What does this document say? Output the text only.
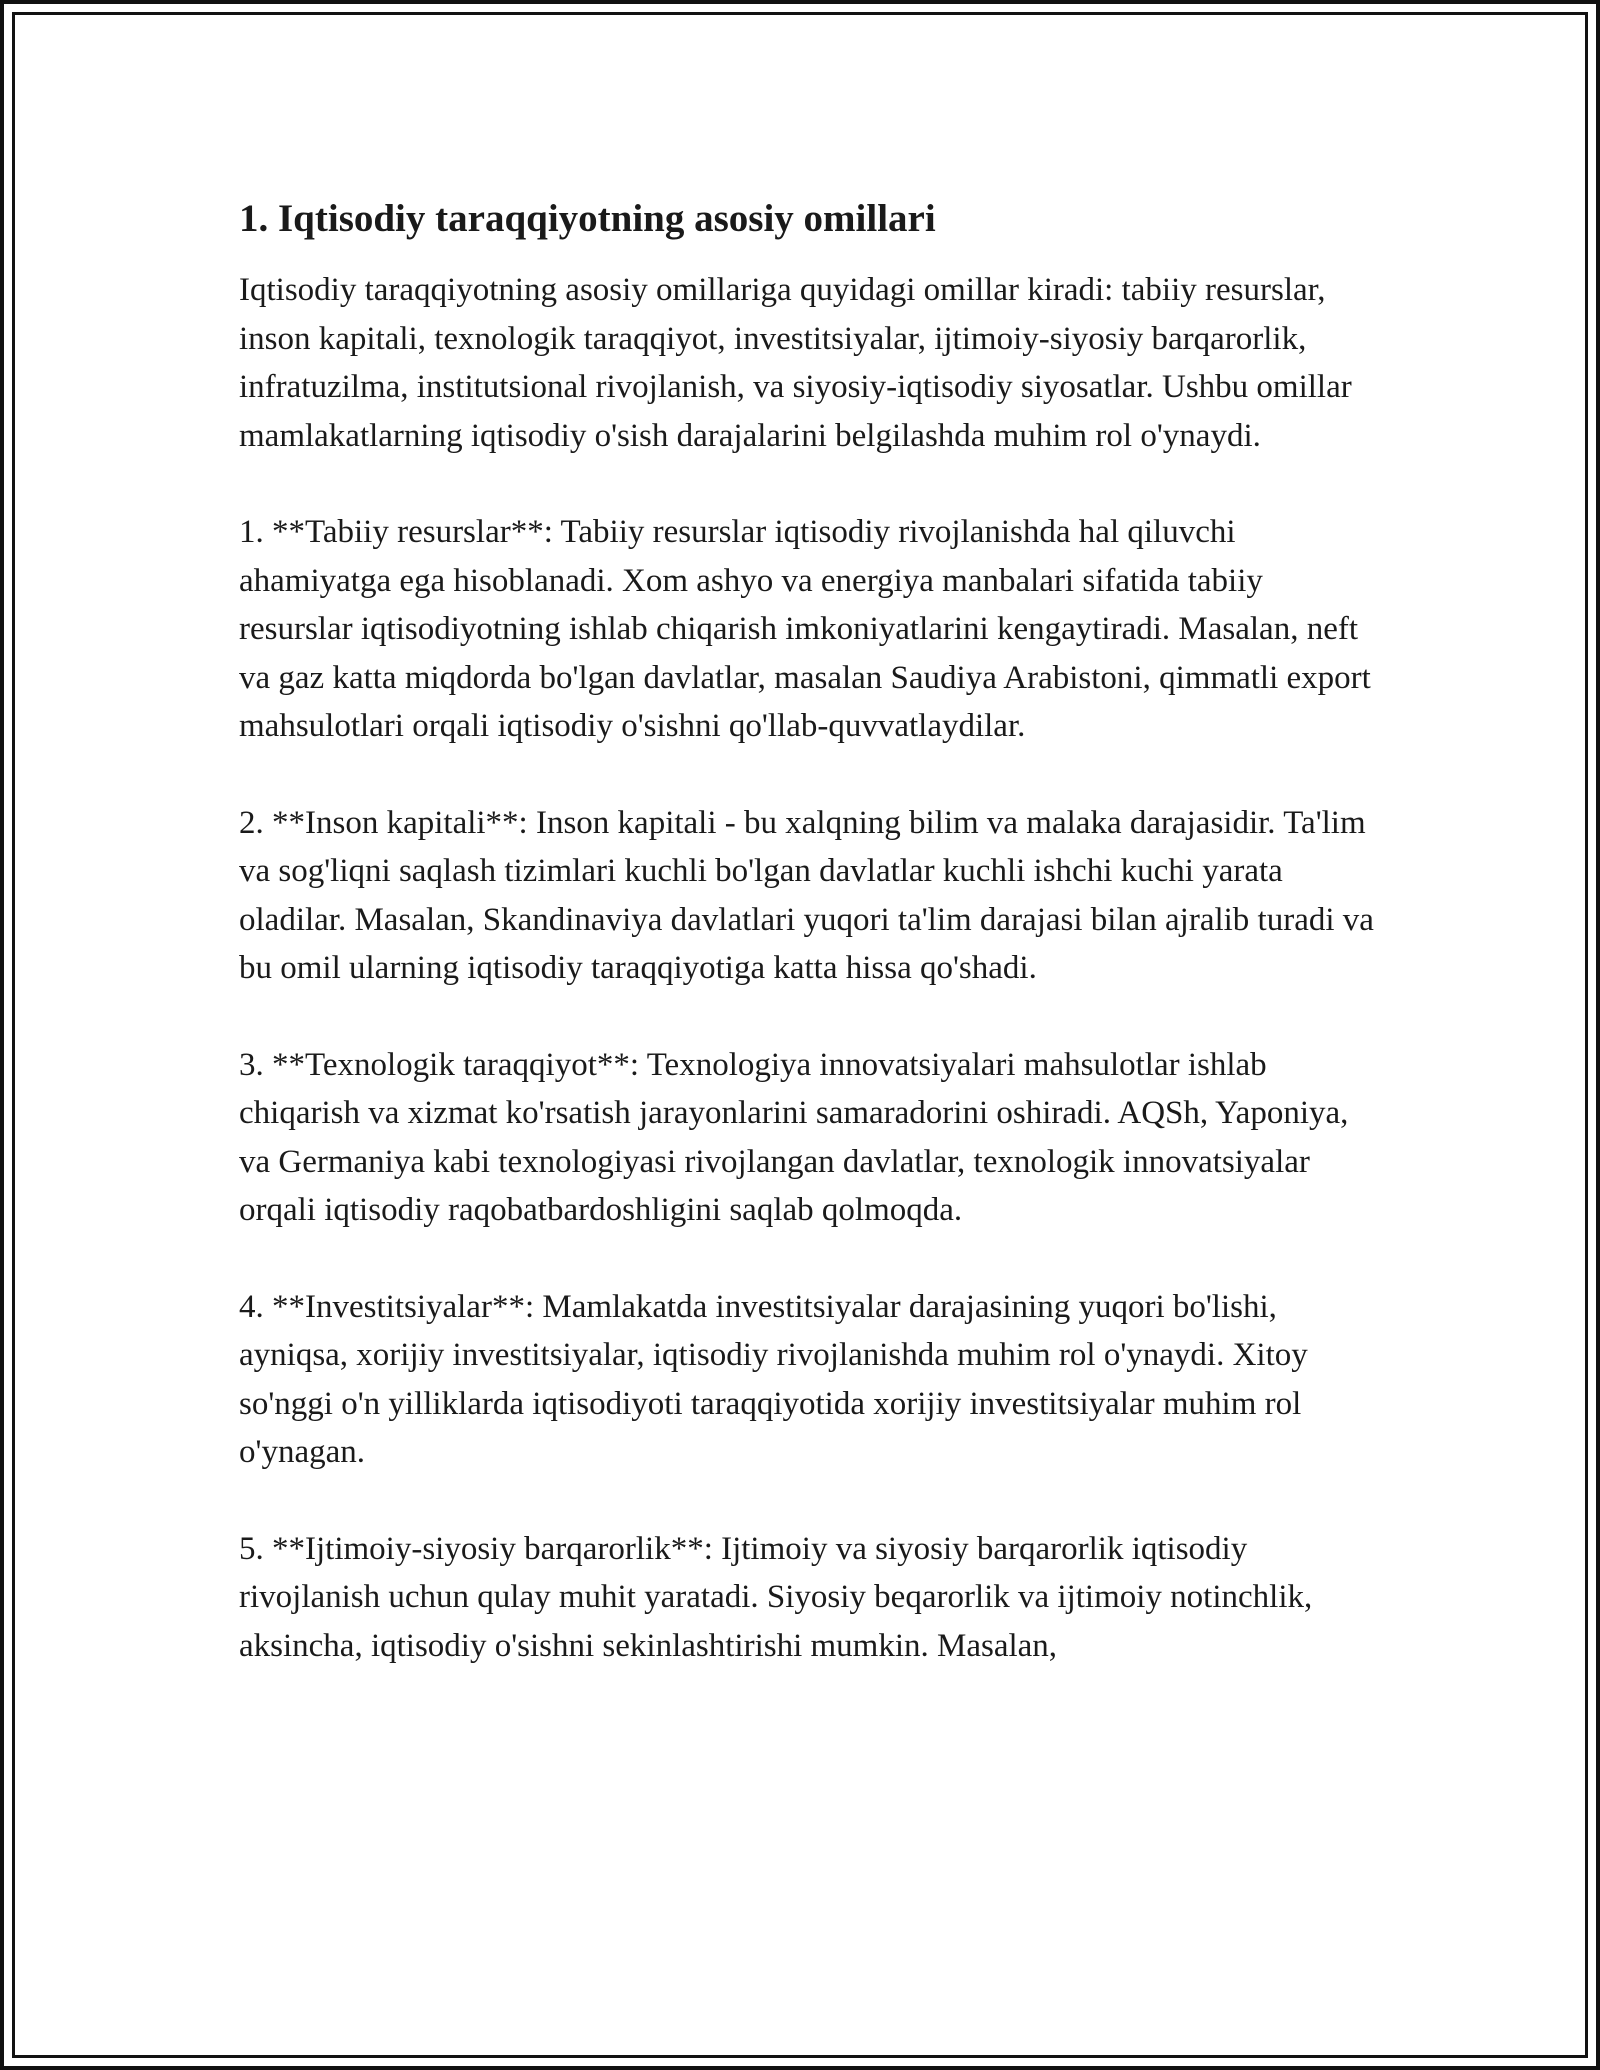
1. Iqtisodiy taraqqiyotning asosiy omillari

Iqtisodiy taraqqiyotning asosiy omillariga quyidagi omillar kiradi: tabiiy resurslar, inson kapitali, texnologik taraqqiyot, investitsiyalar, ijtimoiy-siyosiy barqarorlik, infratuzilma, institutsional rivojlanish, va siyosiy-iqtisodiy siyosatlar. Ushbu omillar mamlakatlarning iqtisodiy o'sish darajalarini belgilashda muhim rol o'ynaydi.

1. **Tabiiy resurslar**: Tabiiy resurslar iqtisodiy rivojlanishda hal qiluvchi ahamiyatga ega hisoblanadi. Xom ashyo va energiya manbalari sifatida tabiiy resurslar iqtisodiyotning ishlab chiqarish imkoniyatlarini kengaytiradi. Masalan, neft va gaz katta miqdorda bo'lgan davlatlar, masalan Saudiya Arabistoni, qimmatli export mahsulotlari orqali iqtisodiy o'sishni qo'llab-quvvatlaydilar.

2. **Inson kapitali**: Inson kapitali - bu xalqning bilim va malaka darajasidir. Ta'lim va sog'liqni saqlash tizimlari kuchli bo'lgan davlatlar kuchli ishchi kuchi yarata oladilar. Masalan, Skandinaviya davlatlari yuqori ta'lim darajasi bilan ajralib turadi va bu omil ularning iqtisodiy taraqqiyotiga katta hissa qo'shadi.

3. **Texnologik taraqqiyot**: Texnologiya innovatsiyalari mahsulotlar ishlab chiqarish va xizmat ko'rsatish jarayonlarini samaradorini oshiradi. AQSh, Yaponiya, va Germaniya kabi texnologiyasi rivojlangan davlatlar, texnologik innovatsiyalar orqali iqtisodiy raqobatbardoshligini saqlab qolmoqda.

4. **Investitsiyalar**: Mamlakatda investitsiyalar darajasining yuqori bo'lishi, ayniqsa, xorijiy investitsiyalar, iqtisodiy rivojlanishda muhim rol o'ynaydi. Xitoy so'nggi o'n yilliklarda iqtisodiyoti taraqqiyotida xorijiy investitsiyalar muhim rol o'ynagan.

5. **Ijtimoiy-siyosiy barqarorlik**: Ijtimoiy va siyosiy barqarorlik iqtisodiy rivojlanish uchun qulay muhit yaratadi. Siyosiy beqarorlik va ijtimoiy notinchlik, aksincha, iqtisodiy o'sishni sekinlashtirishi mumkin. Masalan,
